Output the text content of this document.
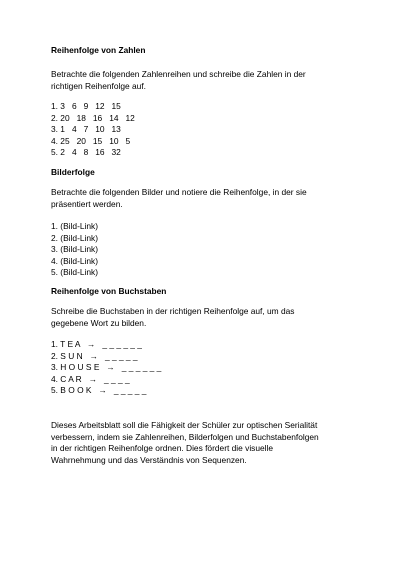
Reihenfolge von Zahlen
Betrachte die folgenden Zahlenreihen und schreibe die Zahlen in der
richtigen Reihenfolge auf.
1. 3   6   9   12   15
2. 20   18   16   14   12
3. 1   4   7   10   13
4. 25   20   15   10   5
5. 2   4   8   16   32
Bilderfolge
Betrachte die folgenden Bilder und notiere die Reihenfolge, in der sie
präsentiert werden.
1. (Bild-Link)
2. (Bild-Link)
3. (Bild-Link)
4. (Bild-Link)
5. (Bild-Link)
Reihenfolge von Buchstaben
Schreibe die Buchstaben in der richtigen Reihenfolge auf, um das
gegebene Wort zu bilden.
1. T E A   →   _ _ _ _ _ _
2. S U N   →   _ _ _ _ _
3. H O U S E   →   _ _ _ _ _ _
4. C A R   →   _ _ _ _
5. B O O K   →   _ _ _ _ _
Dieses Arbeitsblatt soll die Fähigkeit der Schüler zur optischen Serialität
verbessern, indem sie Zahlenreihen, Bilderfolgen und Buchstabenfolgen
in der richtigen Reihenfolge ordnen. Dies fördert die visuelle
Wahrnehmung und das Verständnis von Sequenzen.
